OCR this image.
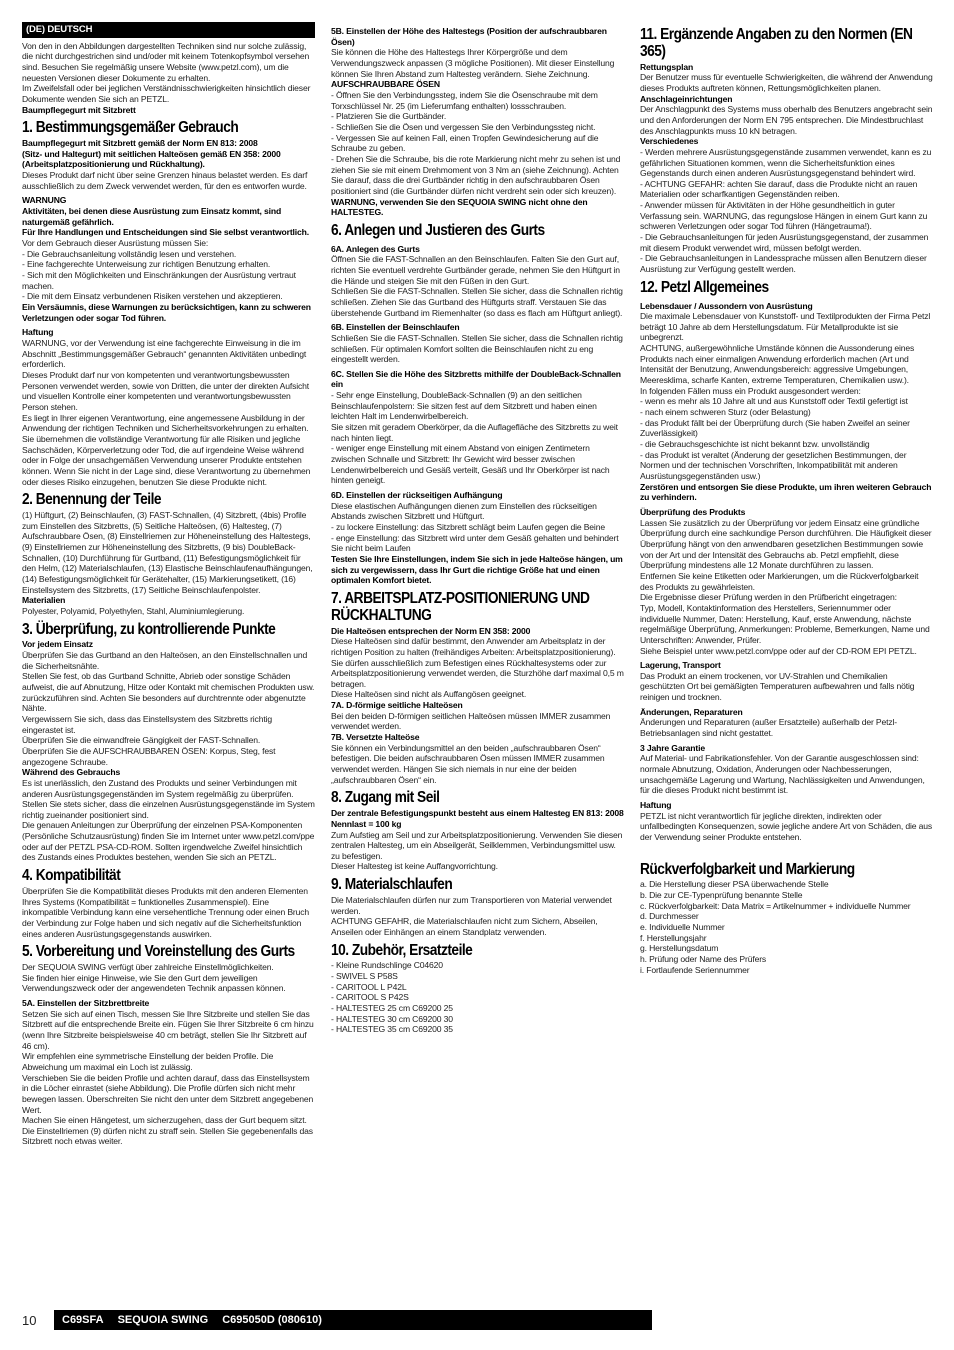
(DE) DEUTSCH

Von den in den Abbildungen dargestellten Techniken sind nur solche zulässig, die nicht durchgestrichen sind und/oder mit keinem Totenkopfsymbol versehen sind. Besuchen Sie regelmäßig unsere Website (www.petzl.com), um die neuesten Versionen dieser Dokumente zu erhalten.
Im Zweifelsfall oder bei jeglichen Verständnisschwierigkeiten hinsichtlich dieser Dokumente wenden Sie sich an PETZL.

Baumpflegegurt mit Sitzbrett

1. Bestimmungsgemäßer Gebrauch

Baumpflegegurt mit Sitzbrett gemäß der Norm EN 813: 2008
(Sitz- und Haltegurt) mit seitlichen Halteösen gemäß EN 358: 2000
(Arbeitsplatzpositionierung und Rückhaltung).

Dieses Produkt darf nicht über seine Grenzen hinaus belastet werden. Es darf ausschließlich zu dem Zweck verwendet werden, für den es entworfen wurde.

WARNUNG

Aktivitäten, bei denen diese Ausrüstung zum Einsatz kommt, sind naturgemäß gefährlich.
Für Ihre Handlungen und Entscheidungen sind Sie selbst verantwortlich.

Vor dem Gebrauch dieser Ausrüstung müssen Sie:
- Die Gebrauchsanleitung vollständig lesen und verstehen.
- Eine fachgerechte Unterweisung zur richtigen Benutzung erhalten.
- Sich mit den Möglichkeiten und Einschränkungen der Ausrüstung vertraut machen.
- Die mit dem Einsatz verbundenen Risiken verstehen und akzeptieren.

Ein Versäumnis, diese Warnungen zu berücksichtigen, kann zu schweren Verletzungen oder sogar Tod führen.

Haftung

WARNUNG, vor der Verwendung ist eine fachgerechte Einweisung in die im Abschnitt „Bestimmungsgemäßer Gebrauch“ genannten Aktivitäten unbedingt erforderlich.
Dieses Produkt darf nur von kompetenten und verantwortungsbewussten Personen verwendet werden, sowie von Dritten, die unter der direkten Aufsicht und visuellen Kontrolle einer kompetenten und verantwortungsbewussten Person stehen.
Es liegt in Ihrer eigenen Verantwortung, eine angemessene Ausbildung in der Anwendung der richtigen Techniken und Sicherheitsvorkehrungen zu erhalten.
Sie übernehmen die vollständige Verantwortung für alle Risiken und jegliche Sachschäden, Körperverletzung oder Tod, die auf irgendeine Weise während oder in Folge der unsachgemäßen Verwendung unserer Produkte entstehen können. Wenn Sie nicht in der Lage sind, diese Verantwortung zu übernehmen oder dieses Risiko einzugehen, benutzen Sie diese Produkte nicht.

2. Benennung der Teile

(1) Hüftgurt, (2) Beinschlaufen, (3) FAST-Schnallen, (4) Sitzbrett, (4bis) Profile zum Einstellen des Sitzbretts, (5) Seitliche Halteösen, (6) Haltesteg, (7) Aufschraubbare Ösen, (8) Einstellriemen zur Höheneinstellung des Haltestegs, (9) Einstellriemen zur Höheneinstellung des Sitzbretts, (9 bis) DoubleBack-Schnallen, (10) Durchführung für Gurtband, (11) Befestigungsmöglichkeit für den Helm, (12) Materialschlaufen, (13) Elastische Beinschlaufenaufhängungen, (14) Befestigungsmöglichkeit für Gerätehalter, (15) Markierungsetikett, (16) Einstellsystem des Sitzbretts, (17) Seitliche Beinschlaufenpolster.

Materialien

Polyester, Polyamid, Polyethylen, Stahl, Aluminiumlegierung.

3. Überprüfung, zu kontrollierende Punkte

Vor jedem Einsatz

Überprüfen Sie das Gurtband an den Halteösen, an den Einstellschnallen und die Sicherheitsnähte.
Stellen Sie fest, ob das Gurtband Schnitte, Abrieb oder sonstige Schäden aufweist, die auf Abnutzung, Hitze oder Kontakt mit chemischen Produkten usw. zurückzuführen sind. Achten Sie besonders auf durchtrennte oder abgenutzte Nähte.
Vergewissern Sie sich, dass das Einstellsystem des Sitzbretts richtig eingerastet ist.
Überprüfen Sie die einwandfreie Gängigkeit der FAST-Schnallen.
Überprüfen Sie die AUFSCHRAUBBAREN ÖSEN: Korpus, Steg, fest angezogene Schraube.

Während des Gebrauchs

Es ist unerlässlich, den Zustand des Produkts und seiner Verbindungen mit anderen Ausrüstungsgegenständen im System regelmäßig zu überprüfen. Stellen Sie stets sicher, dass die einzelnen Ausrüstungsgegenstände im System richtig zueinander positioniert sind.
Die genauen Anleitungen zur Überprüfung der einzelnen PSA-Komponenten (Persönliche Schutzausrüstung) finden Sie im Internet unter www.petzl.com/ppe oder auf der PETZL PSA-CD-ROM. Sollten irgendwelche Zweifel hinsichtlich des Zustands eines Produktes bestehen, wenden Sie sich an PETZL.

4. Kompatibilität

Überprüfen Sie die Kompatibilität dieses Produkts mit den anderen Elementen Ihres Systems (Kompatibilität = funktionelles Zusammenspiel). Eine inkompatible Verbindung kann eine versehentliche Trennung oder einen Bruch der Verbindung zur Folge haben und sich negativ auf die Sicherheitsfunktion eines anderen Ausrüstungsgegenstands auswirken.

5. Vorbereitung und Voreinstellung des Gurts

Der SEQUOIA SWING verfügt über zahlreiche Einstellmöglichkeiten.
Sie finden hier einige Hinweise, wie Sie den Gurt dem jeweiligen Verwendungszweck oder der angewendeten Technik anpassen können.

5A. Einstellen der Sitzbrettbreite

Setzen Sie sich auf einen Tisch, messen Sie Ihre Sitzbreite und stellen Sie das Sitzbrett auf die entsprechende Breite ein. Fügen Sie Ihrer Sitzbreite 6 cm hinzu (wenn Ihre Sitzbreite beispielsweise 40 cm beträgt, stellen Sie Ihr Sitzbrett auf 46 cm).
Wir empfehlen eine symmetrische Einstellung der beiden Profile. Die Abweichung um maximal ein Loch ist zulässig.
Verschieben Sie die beiden Profile und achten darauf, dass das Einstellsystem in die Löcher einrastet (siehe Abbildung). Die Profile dürfen sich nicht mehr bewegen lassen. Überschreiten Sie nicht den unter dem Sitzbrett angegebenen Wert.
Machen Sie einen Hängetest, um sicherzugehen, dass der Gurt bequem sitzt. Die Einstellriemen (9) dürfen nicht zu straff sein. Stellen Sie gegebenenfalls das Sitzbrett noch etwas weiter.

5B. Einstellen der Höhe des Haltestegs (Position der aufschraubbaren Ösen)

Sie können die Höhe des Haltestegs Ihrer Körpergröße und dem Verwendungszweck anpassen (3 mögliche Positionen). Mit dieser Einstellung können Sie Ihren Abstand zum Haltesteg verändern. Siehe Zeichnung.

AUFSCHRAUBBARE ÖSEN

- Öffnen Sie den Verbindungssteg, indem Sie die Ösenschraube mit dem Torxschlüssel Nr. 25 (im Lieferumfang enthalten) lossschrauben.
- Platzieren Sie die Gurtbänder.
- Schließen Sie die Ösen und vergessen Sie den Verbindungssteg nicht.
- Vergessen Sie auf keinen Fall, einen Tropfen Gewindesicherung auf die Schraube zu geben.
- Drehen Sie die Schraube, bis die rote Markierung nicht mehr zu sehen ist und ziehen Sie sie mit einem Drehmoment von 3 Nm an (siehe Zeichnung). Achten Sie darauf, dass die drei Gurtbänder richtig in den aufschraubbaren Ösen positioniert sind (die Gurtbänder dürfen nicht verdreht sein oder sich kreuzen).

WARNUNG, verwenden Sie den SEQUOIA SWING nicht ohne den HALTESTEG.

6. Anlegen und Justieren des Gurts

6A. Anlegen des Gurts

Öffnen Sie die FAST-Schnallen an den Beinschlaufen. Falten Sie den Gurt auf, richten Sie eventuell verdrehte Gurtbänder gerade, nehmen Sie den Hüftgurt in die Hände und steigen Sie mit den Füßen in den Gurt.
Schließen Sie die FAST-Schnallen. Stellen Sie sicher, dass die Schnallen richtig schließen. Ziehen Sie das Gurtband des Hüftgurts straff. Verstauen Sie das überstehende Gurtband im Riemenhalter (so dass es flach am Hüftgurt anliegt).

6B. Einstellen der Beinschlaufen

Schließen Sie die FAST-Schnallen. Stellen Sie sicher, dass die Schnallen richtig schließen. Für optimalen Komfort sollten die Beinschlaufen nicht zu eng eingestellt werden.

6C. Stellen Sie die Höhe des Sitzbretts mithilfe der DoubleBack-Schnallen ein

- Sehr enge Einstellung, DoubleBack-Schnallen (9) an den seitlichen Beinschlaufenpolstern: Sie sitzen fest auf dem Sitzbrett und haben einen leichten Halt im Lendenwirbelbereich.
Sie sitzen mit geradem Oberkörper, da die Auflagefläche des Sitzbretts zu weit nach hinten liegt.
- weniger enge Einstellung mit einem Abstand von einigen Zentimetern zwischen Schnalle und Sitzbrett: Ihr Gewicht wird besser zwischen Lendenwirbelbereich und Gesäß verteilt, Gesäß und Ihr Oberkörper ist nach hinten geneigt.

6D. Einstellen der rückseitigen Aufhängung

Diese elastischen Aufhängungen dienen zum Einstellen des rückseitigen Abstands zwischen Sitzbrett und Hüftgurt.
- zu lockere Einstellung: das Sitzbrett schlägt beim Laufen gegen die Beine
- enge Einstellung: das Sitzbrett wird unter dem Gesäß gehalten und behindert Sie nicht beim Laufen

Testen Sie Ihre Einstellungen, indem Sie sich in jede Halteöse hängen, um sich zu vergewissern, dass Ihr Gurt die richtige Größe hat und einen optimalen Komfort bietet.

7. ARBEITSPLATZ-POSITIONIERUNG UND RÜCKHALTUNG

Die Halteösen entsprechen der Norm EN 358: 2000

Diese Halteösen sind dafür bestimmt, den Anwender am Arbeitsplatz in der richtigen Position zu halten (freihändiges Arbeiten: Arbeitsplatzpositionierung). Sie dürfen ausschließlich zum Befestigen eines Rückhaltesystems oder zur Arbeitsplatzpositionierung verwendet werden, die Sturzhöhe darf maximal 0,5 m betragen.
Diese Halteösen sind nicht als Auffangösen geeignet.

7A. D-förmige seitliche Halteösen

Bei den beiden D-förmigen seitlichen Halteösen müssen IMMER zusammen verwendet werden.

7B. Versetzte Halteöse

Sie können ein Verbindungsmittel an den beiden „aufschraubbaren Ösen“ befestigen. Die beiden aufschraubbaren Ösen müssen IMMER zusammen verwendet werden. Hängen Sie sich niemals in nur eine der beiden „aufschraubbaren Ösen“ ein.

8. Zugang mit Seil

Der zentrale Befestigungspunkt besteht aus einem Haltesteg EN 813: 2008
Nennlast = 100 kg

Zum Aufstieg am Seil und zur Arbeitsplatzpositionierung. Verwenden Sie diesen zentralen Haltesteg, um ein Abseilgerät, Seilklemmen, Verbindungsmittel usw. zu befestigen.
Dieser Haltesteg ist keine Auffangvorrichtung.

9. Materialschlaufen

Die Materialschlaufen dürfen nur zum Transportieren von Material verwendet werden.
ACHTUNG GEFAHR, die Materialschlaufen nicht zum Sichern, Abseilen, Anseilen oder Einhängen an einem Standplatz verwenden.

10. Zubehör, Ersatzteile

- Kleine Rundschlinge C04620
- SWIVEL S P58S
- CARITOOL L P42L
- CARITOOL S P42S
- HALTESTEG 25 cm C69200 25
- HALTESTEG 30 cm C69200 30
- HALTESTEG 35 cm C69200 35

11. Ergänzende Angaben zu den Normen (EN 365)

Rettungsplan

Der Benutzer muss für eventuelle Schwierigkeiten, die während der Anwendung dieses Produkts auftreten können, Rettungsmöglichkeiten planen.

Anschlageinrichtungen

Der Anschlagpunkt des Systems muss oberhalb des Benutzers angebracht sein und den Anforderungen der Norm EN 795 entsprechen. Die Mindestbruchlast des Anschlagpunkts muss 10 kN betragen.

Verschiedenes

- Werden mehrere Ausrüstungsgegenstände zusammen verwendet, kann es zu gefährlichen Situationen kommen, wenn die Sicherheitsfunktion eines Gegenstands durch einen anderen Ausrüstungsgegenstand behindert wird.
- ACHTUNG GEFAHR: achten Sie darauf, dass die Produkte nicht an rauen Materialien oder scharfkantigen Gegenständen reiben.
- Anwender müssen für Aktivitäten in der Höhe gesundheitlich in guter Verfassung sein. WARNUNG, das regungslose Hängen in einem Gurt kann zu schweren Verletzungen oder sogar Tod führen (Hängetrauma!).
- Die Gebrauchsanleitungen für jeden Ausrüstungsgegenstand, der zusammen mit diesem Produkt verwendet wird, müssen befolgt werden.
- Die Gebrauchsanleitungen in Landessprache müssen allen Benutzern dieser Ausrüstung zur Verfügung gestellt werden.

12. Petzl Allgemeines

Lebensdauer / Aussondern von Ausrüstung

Die maximale Lebensdauer von Kunststoff- und Textilprodukten der Firma Petzl beträgt 10 Jahre ab dem Herstellungsdatum. Für Metallprodukte ist sie unbegrenzt.
ACHTUNG, außergewöhnliche Umstände können die Aussonderung eines Produkts nach einer einmaligen Anwendung erforderlich machen (Art und Intensität der Benutzung, Anwendungsbereich: aggressive Umgebungen, Meeresklima, scharfe Kanten, extreme Temperaturen, Chemikalien usw.).
In folgenden Fällen muss ein Produkt ausgesondert werden:
- wenn es mehr als 10 Jahre alt und aus Kunststoff oder Textil gefertigt ist
- nach einem schweren Sturz (oder Belastung)
- das Produkt fällt bei der Überprüfung durch (Sie haben Zweifel an seiner Zuverlässigkeit)
- die Gebrauchsgeschichte ist nicht bekannt bzw. unvollständig
- das Produkt ist veraltet (Änderung der gesetzlichen Bestimmungen, der Normen und der technischen Vorschriften, Inkompatibilität mit anderen Ausrüstungsgegenständen usw.)

Zerstören und entsorgen Sie diese Produkte, um ihren weiteren Gebrauch zu verhindern.

Überprüfung des Produkts

Lassen Sie zusätzlich zu der Überprüfung vor jedem Einsatz eine gründliche Überprüfung durch eine sachkundige Person durchführen. Die Häufigkeit dieser Überprüfung hängt von den anwendbaren gesetzlichen Bestimmungen sowie von der Art und der Intensität des Gebrauchs ab. Petzl empfiehlt, diese Überprüfung mindestens alle 12 Monate durchführen zu lassen.
Entfernen Sie keine Etiketten oder Markierungen, um die Rückverfolgbarkeit des Produkts zu gewährleisten.
Die Ergebnisse dieser Prüfung werden in den Prüfbericht eingetragen:
Typ, Modell, Kontaktinformation des Herstellers, Seriennummer oder individuelle Nummer, Daten: Herstellung, Kauf, erste Anwendung, nächste regelmäßige Überprüfung, Anmerkungen: Probleme, Bemerkungen, Name und Unterschriften: Anwender, Prüfer.
Siehe Beispiel unter www.petzl.com/ppe oder auf der CD-ROM EPI PETZL.

Lagerung, Transport

Das Produkt an einem trockenen, vor UV-Strahlen und Chemikalien geschützten Ort bei gemäßigten Temperaturen aufbewahren und falls nötig reinigen und trocknen.

Änderungen, Reparaturen

Änderungen und Reparaturen (außer Ersatzteile) außerhalb der Petzl-Betriebsanlagen sind nicht gestattet.

3 Jahre Garantie

Auf Material- und Fabrikationsfehler. Von der Garantie ausgeschlossen sind: normale Abnutzung, Oxidation, Änderungen oder Nachbesserungen, unsachgemäße Lagerung und Wartung, Nachlässigkeiten und Anwendungen, für die dieses Produkt nicht bestimmt ist.

Haftung

PETZL ist nicht verantwortlich für jegliche direkten, indirekten oder unfallbedingten Konsequenzen, sowie jegliche andere Art von Schäden, die aus der Verwendung seiner Produkte entstehen.

Rückverfolgbarkeit und Markierung

a. Die Herstellung dieser PSA überwachende Stelle
b. Die zur CE-Typenprüfung benannte Stelle
c. Rückverfolgbarkeit: Data Matrix = Artikelnummer + individuelle Nummer
d. Durchmesser
e. Individuelle Nummer
f. Herstellungsjahr
g. Herstellungsdatum
h. Prüfung oder Name des Prüfers
i. Fortlaufende Seriennummer

10	C69SFA SEQUOIA SWING C695050D (080610)
